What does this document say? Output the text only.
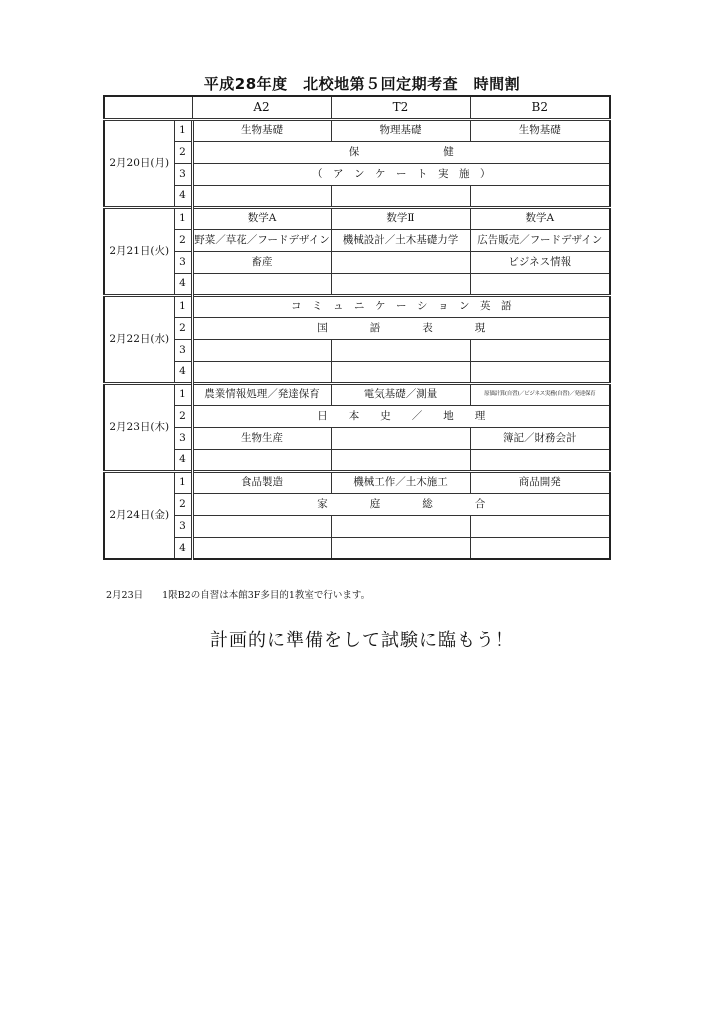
平成28年度　北校地第５回定期考査　時間割
		A2	T2	B2
2月20日(月)	1	生物基礎	物理基礎	生物基礎
	2	保　　　　　　　　健		
	3	（　ア　ン　ケ　ー　ト　実　施　）		
	4			
2月21日(火)	1	数学A	数学Ⅱ	数学A
	2	野菜／草花／フードデザイン	機械設計／土木基礎力学	広告販売／フードデザイン
	3	畜産		ビジネス情報
	4			
2月22日(水)	1	コ　ミ　ュ　ニ　ケ　ー　シ　ョ　ン　英　語		
	2	国　　　　語　　　　表　　　　現		
	3			
	4			
2月23日(木)	1	農業情報処理／発達保育	電気基礎／測量	原価計算(自習)／ビジネス実務(自習)／発達保育
	2	日　　本　　史　　／　　地　　理		
	3	生物生産		簿記／財務会計
	4			
2月24日(金)	1	食品製造	機械工作／土木施工	商品開発
	2	家　　　　庭　　　　総　　　　合		
	3			
	4			
2月23日　　1限B2の自習は本館3F多目的1教室で行います。
計画的に準備をして試験に臨もう！
